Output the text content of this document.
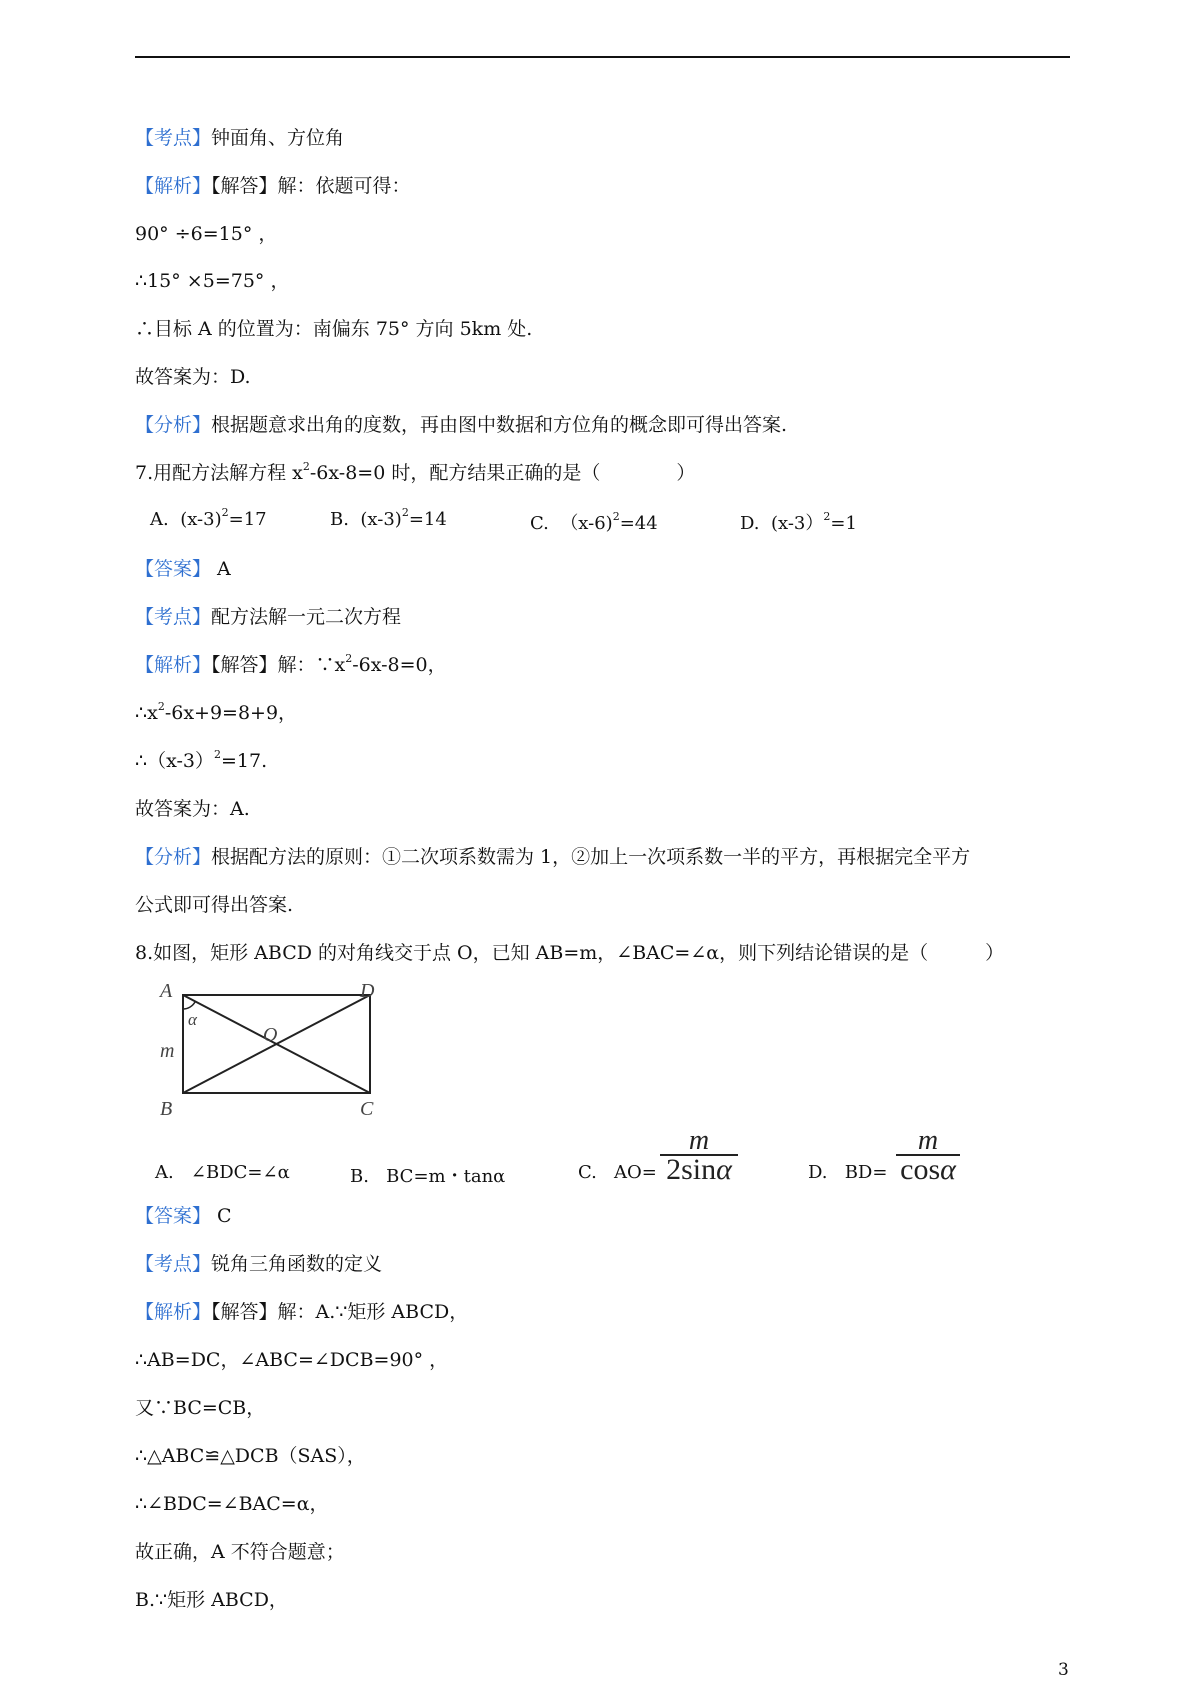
【考点】钟面角、方位角
【解析】【解答】解：依题可得：
90° ÷6=15° ，
∴15° ×5=75° ，
∴目标 A 的位置为：南偏东 75° 方向 5km 处.
故答案为：D.
【分析】根据题意求出角的度数，再由图中数据和方位角的概念即可得出答案.
7.用配方法解方程 $x^2-6x-8=0$ 时，配方结果正确的是（　　　　）
A. $(x-3)^2=17$	B. $(x-3)^2=14$	C. （x-6)$^2$=44	D. (x-3）$^2$=1
【答案】 A
【考点】配方法解一元二次方程
【解析】【解答】解：$\because x^2-6x-8=0$，
$\therefore x^2-6x+9=8+9$，
$\therefore(x-3)^2=17$.
故答案为：A.
【分析】根据配方法的原则：①二次项系数需为 1，②加上一次项系数一半的平方，再根据完全平方
公式即可得出答案.
8.如图，矩形 ABCD 的对角线交于点 O，已知 AB=m，∠BAC=∠α，则下列结论错误的是（　　　）
A
B	C
D
O
m
α
A. ∠BDC=∠α	B. BC=m・tanα	C. AO=
m
2sinα	D. BD=
m
cosα
【答案】 C
【考点】锐角三角函数的定义
【解析】【解答】解：A.∵矩形 ABCD，
∴AB=DC，∠ABC=∠DCB=90° ，
又∵BC=CB，
∴△ABC≌△DCB（SAS），
∴∠BDC=∠BAC=α，
故正确，A 不符合题意；
B.∵矩形 ABCD，
3
